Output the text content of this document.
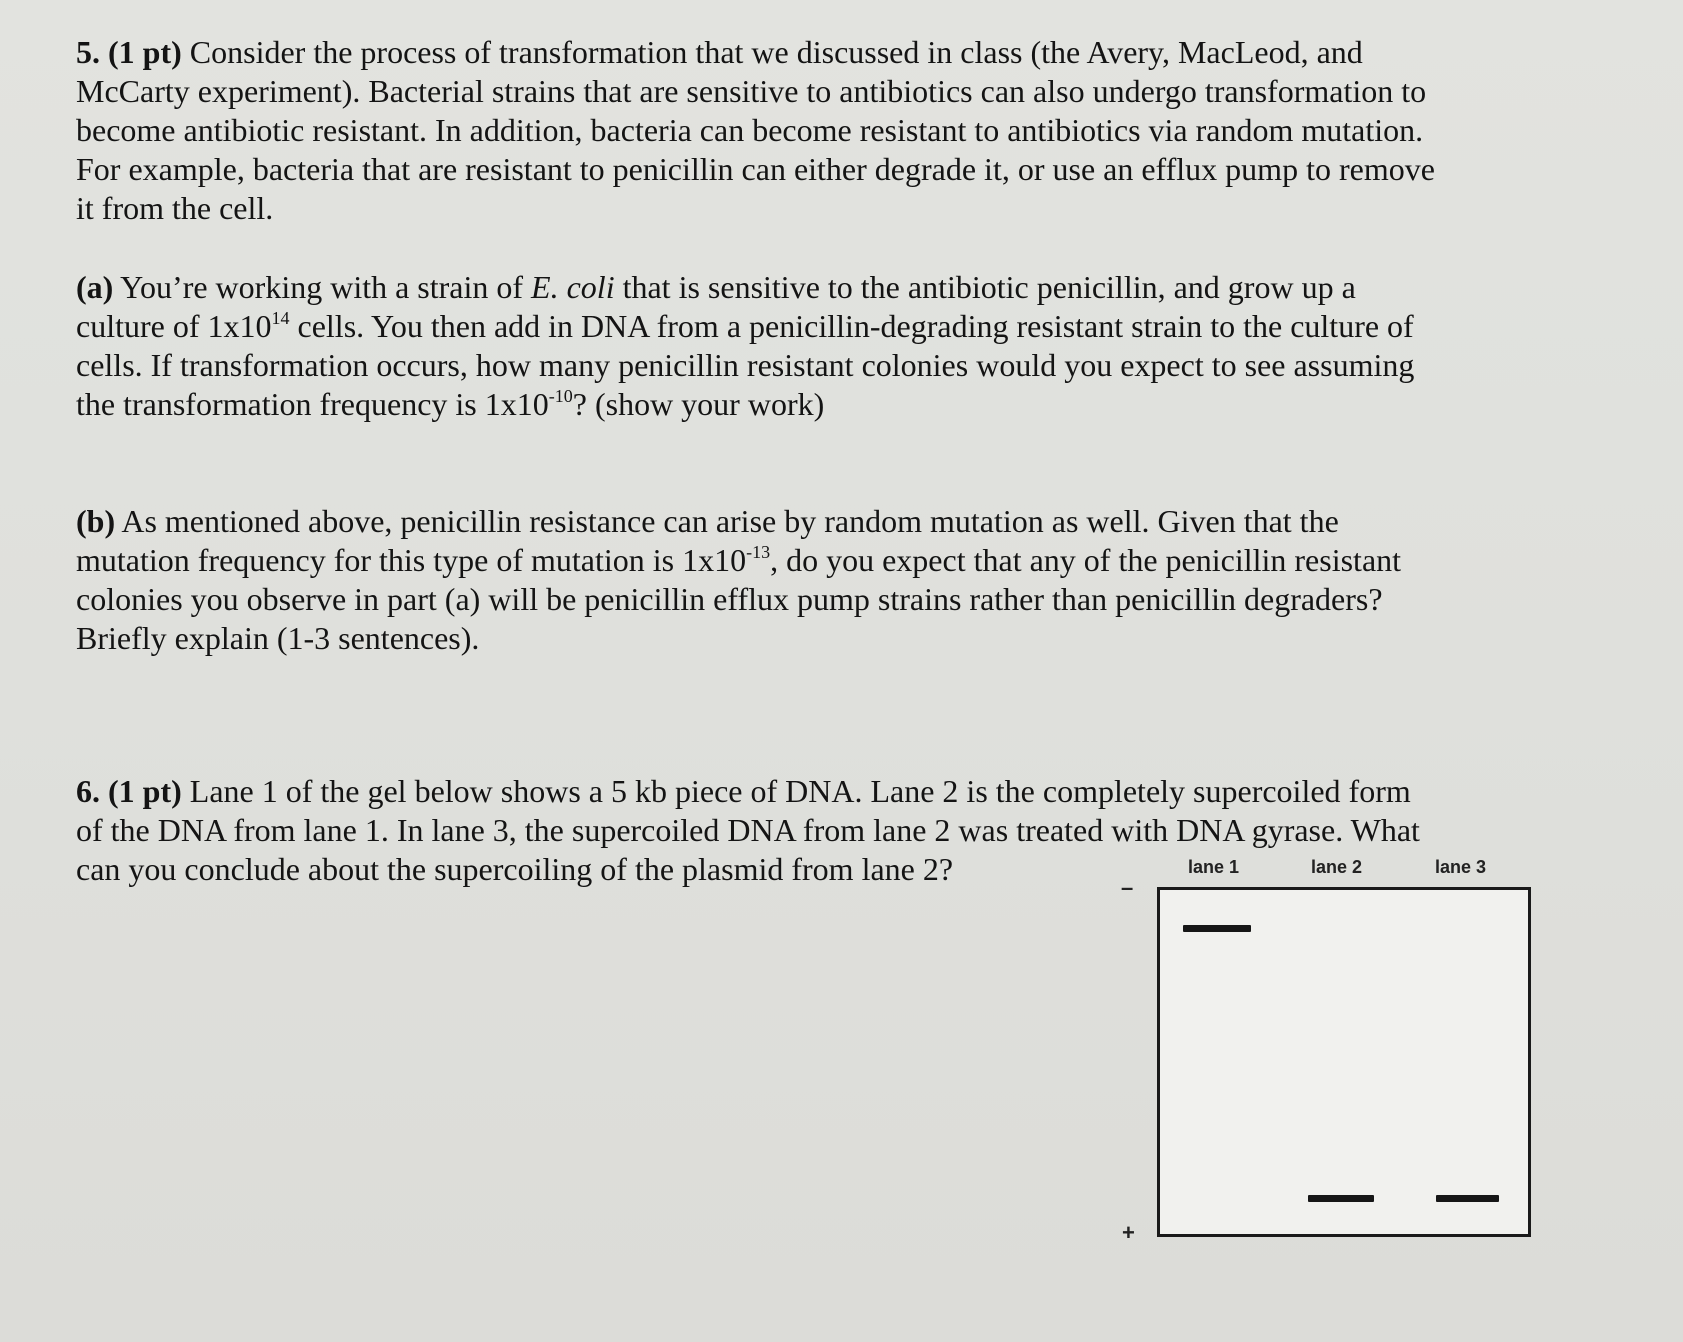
5. (1 pt) Consider the process of transformation that we discussed in class (the Avery, MacLeod, and
McCarty experiment). Bacterial strains that are sensitive to antibiotics can also undergo transformation to
become antibiotic resistant. In addition, bacteria can become resistant to antibiotics via random mutation.
For example, bacteria that are resistant to penicillin can either degrade it, or use an efflux pump to remove
it from the cell.
(a) You’re working with a strain of E. coli that is sensitive to the antibiotic penicillin, and grow up a
culture of $1x10^{14}$ cells. You then add in DNA from a penicillin-degrading resistant strain to the culture of
cells. If transformation occurs, how many penicillin resistant colonies would you expect to see assuming
the transformation frequency is $1x10^{-10}$? (show your work)
(b) As mentioned above, penicillin resistance can arise by random mutation as well. Given that the
mutation frequency for this type of mutation is $1x10^{-13}$, do you expect that any of the penicillin resistant
colonies you observe in part (a) will be penicillin efflux pump strains rather than penicillin degraders?
Briefly explain (1-3 sentences).
6. (1 pt) Lane 1 of the gel below shows a 5 kb piece of DNA. Lane 2 is the completely supercoiled form
of the DNA from lane 1. In lane 3, the supercoiled DNA from lane 2 was treated with DNA gyrase. What
can you conclude about the supercoiling of the plasmid from lane 2?	lane 1	lane 2	lane 3
–
+
